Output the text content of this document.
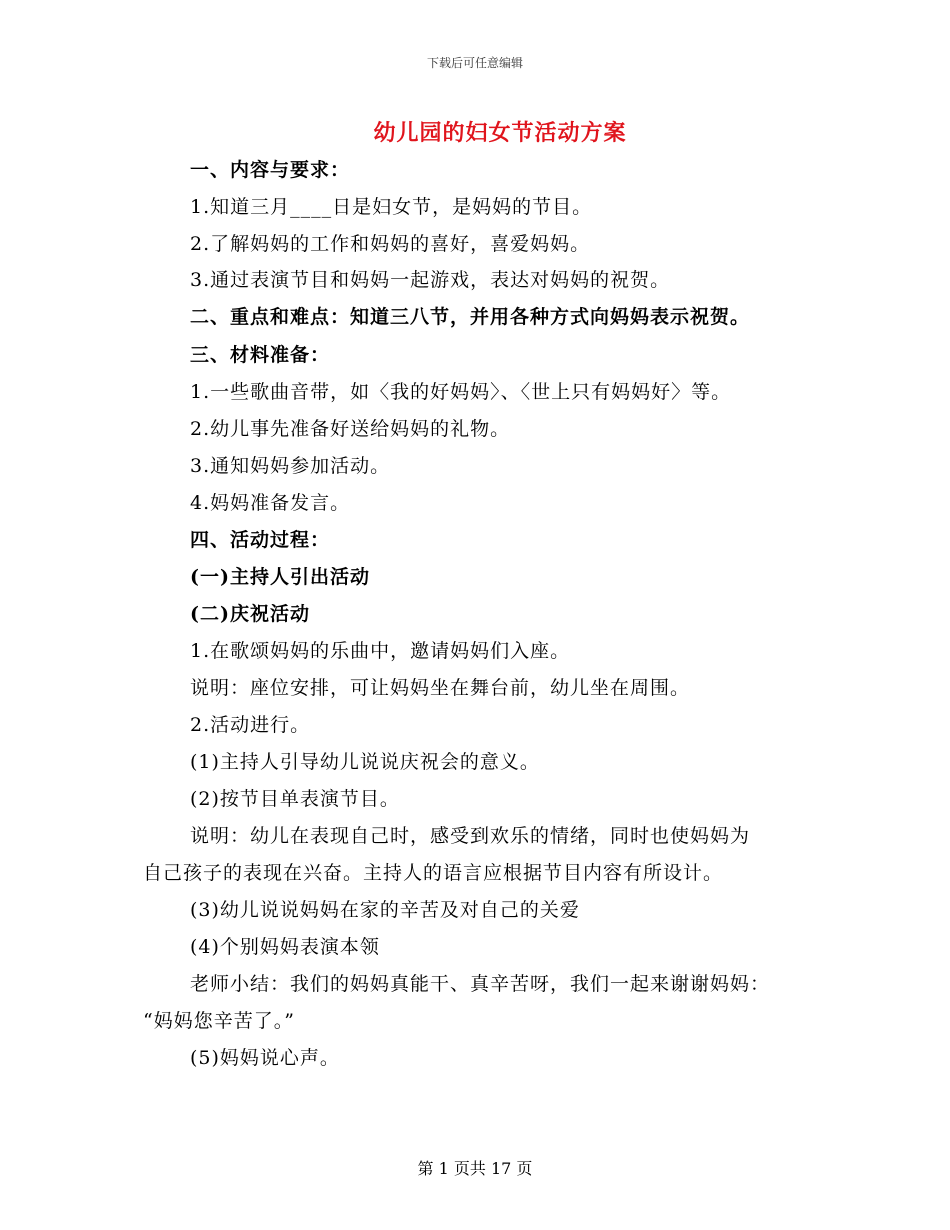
下载后可任意编辑
幼儿园的妇女节活动方案
一、内容与要求：
1.知道三月____日是妇女节，是妈妈的节目。
2.了解妈妈的工作和妈妈的喜好，喜爱妈妈。
3.通过表演节目和妈妈一起游戏，表达对妈妈的祝贺。
二、重点和难点：知道三八节，并用各种方式向妈妈表示祝贺。
三、材料准备：
1.一些歌曲音带，如〈我的好妈妈〉、〈世上只有妈妈好〉等。
2.幼儿事先准备好送给妈妈的礼物。
3.通知妈妈参加活动。
4.妈妈准备发言。
四、活动过程：
(一)主持人引出活动
(二)庆祝活动
1.在歌颂妈妈的乐曲中，邀请妈妈们入座。
说明：座位安排，可让妈妈坐在舞台前，幼儿坐在周围。
2.活动进行。
(1)主持人引导幼儿说说庆祝会的意义。
(2)按节目单表演节目。
说明：幼儿在表现自己时，感受到欢乐的情绪，同时也使妈妈为
自己孩子的表现在兴奋。主持人的语言应根据节目内容有所设计。
(3)幼儿说说妈妈在家的辛苦及对自己的关爱
(4)个别妈妈表演本领
老师小结：我们的妈妈真能干、真辛苦呀，我们一起来谢谢妈妈：
“妈妈您辛苦了。”
(5)妈妈说心声。
第 1 页共 17 页
